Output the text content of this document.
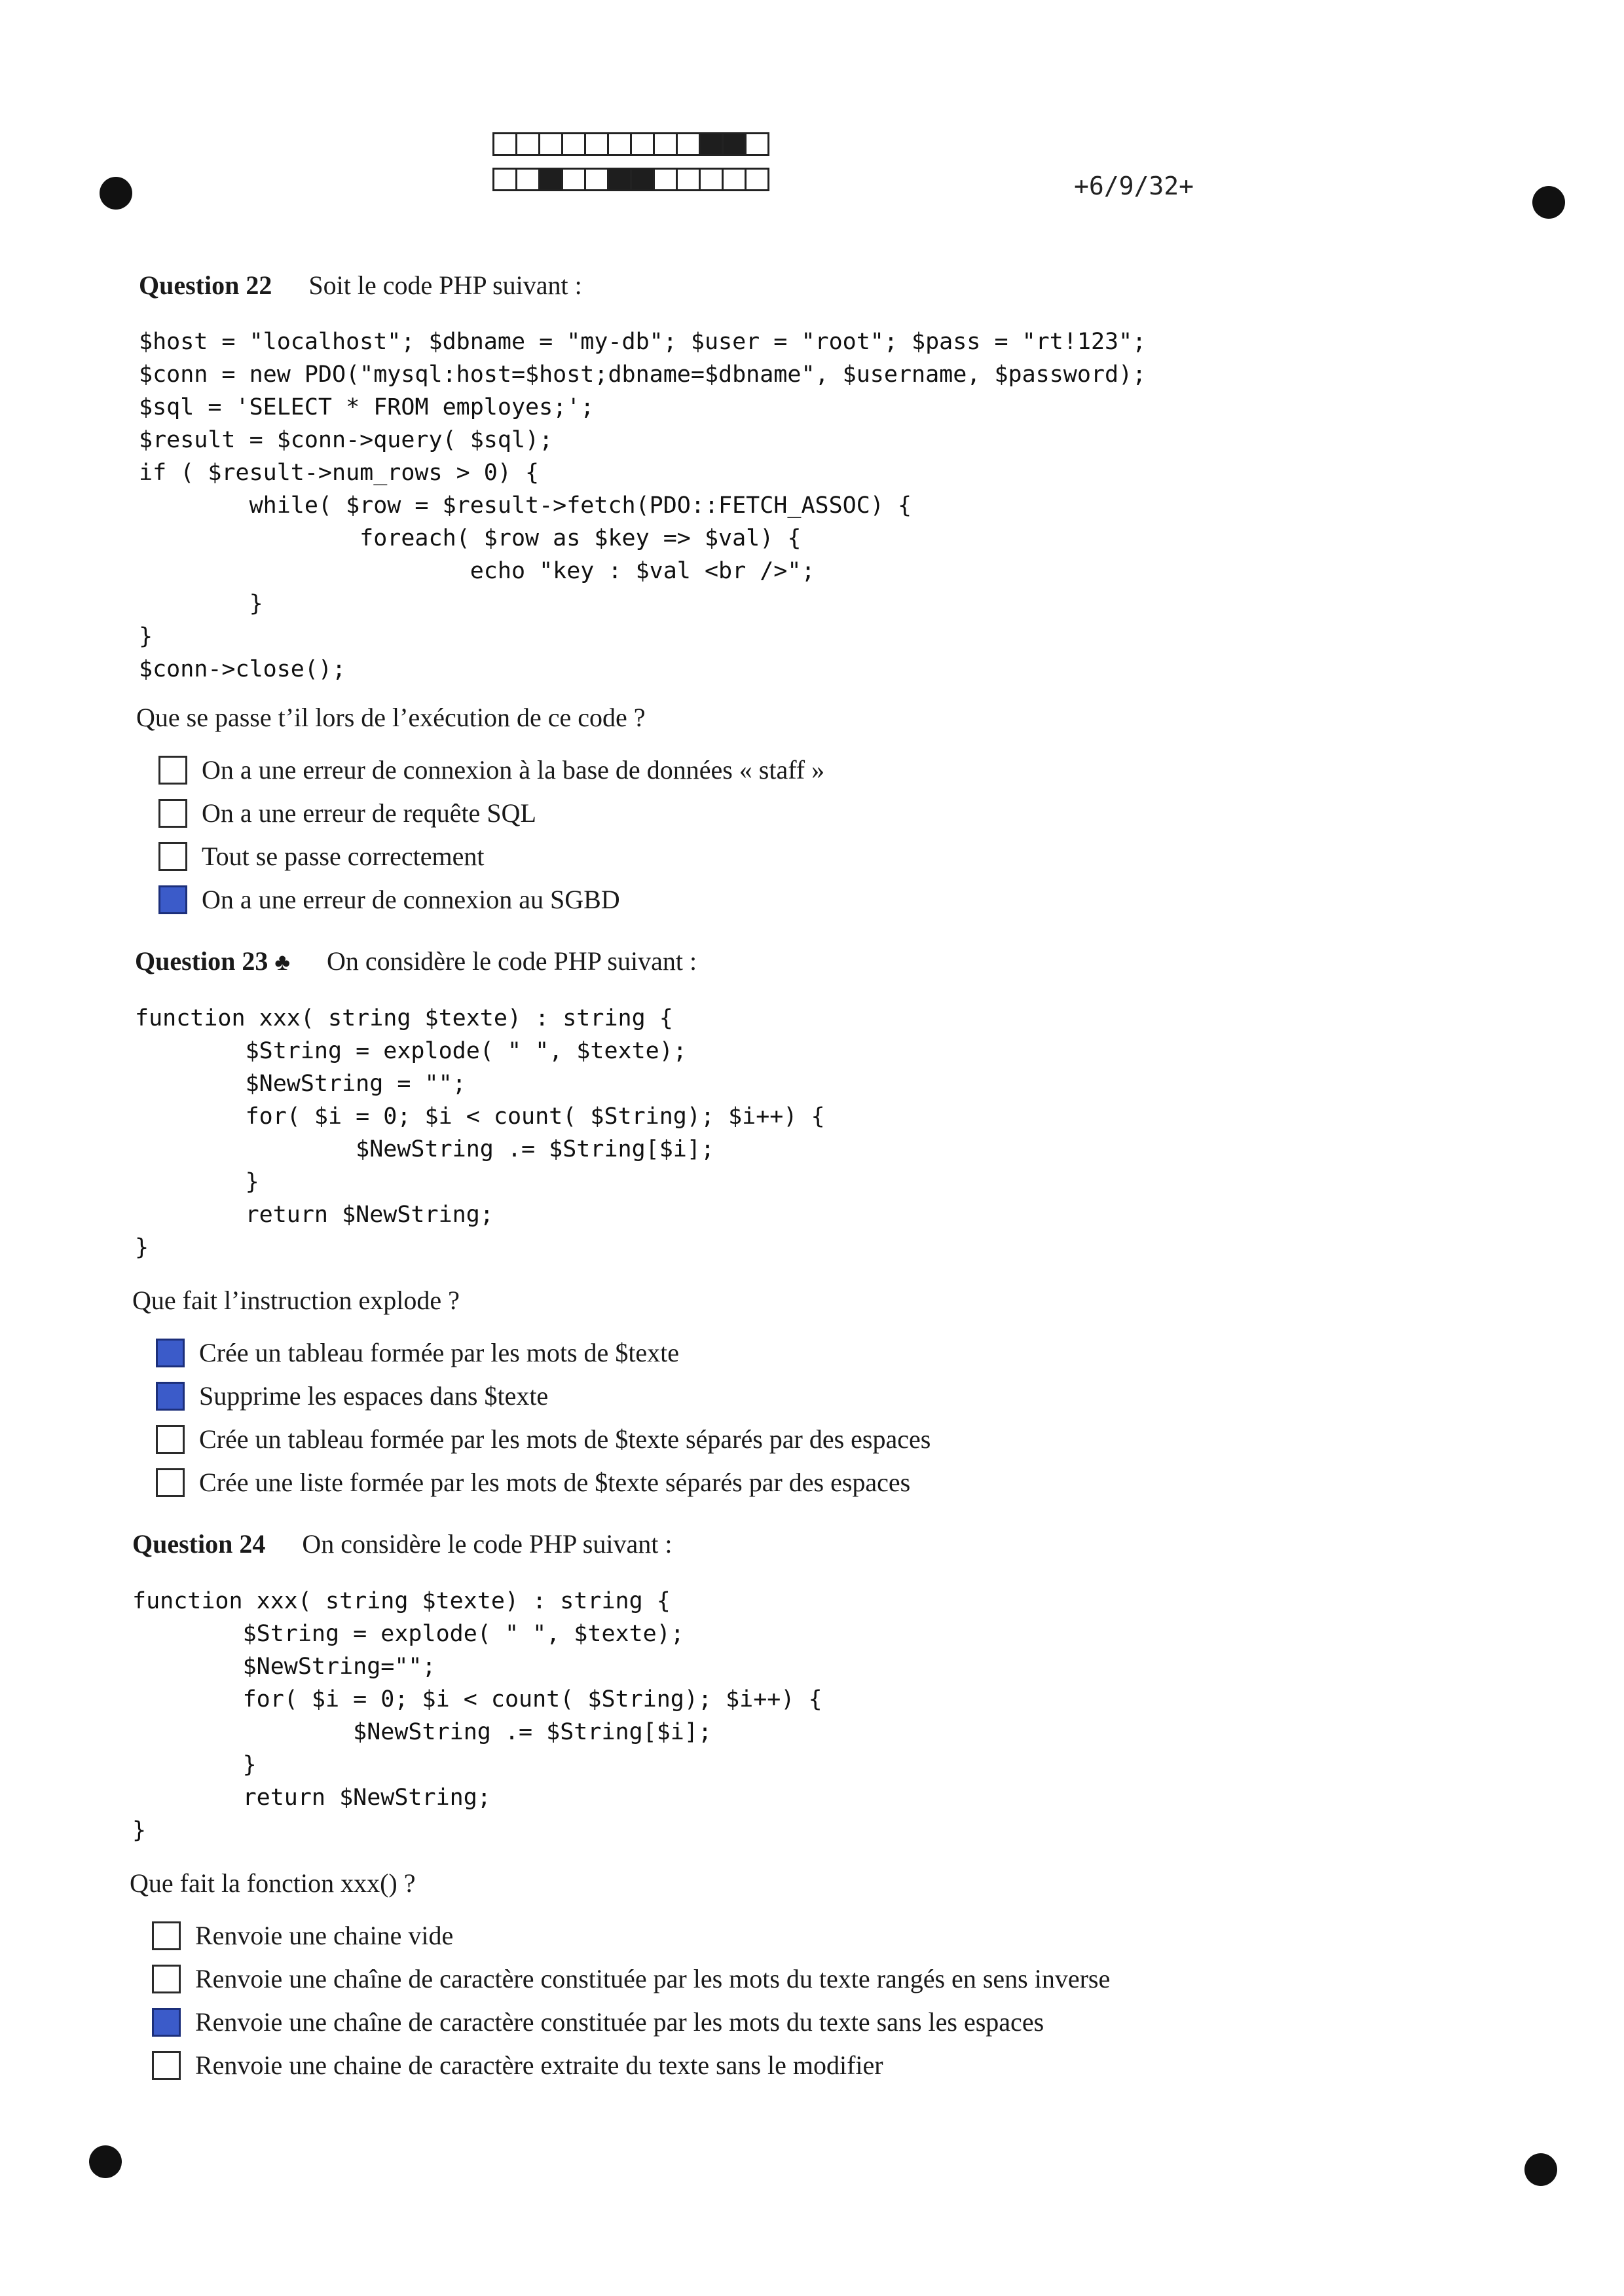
+6/9/32+
Question 22 Soit le code PHP suivant :
$host = "localhost"; $dbname = "my-db"; $user = "root"; $pass = "rt!123";
$conn = new PDO("mysql:host=$host;dbname=$dbname", $username, $password);
$sql = 'SELECT * FROM employes;';
$result = $conn->query( $sql);
if ( $result->num_rows > 0) {
while( $row = $result->fetch(PDO::FETCH_ASSOC) {
foreach( $row as $key => $val) {
echo "key : $val <br />";
}
}
$conn->close();
Que se passe t’il lors de l’exécution de ce code ?
On a une erreur de connexion à la base de données « staff »
On a une erreur de requête SQL
Tout se passe correctement
On a une erreur de connexion au SGBD
Question 23 ♣ On considère le code PHP suivant :
function xxx( string $texte) : string {
$String = explode( " ", $texte);
$NewString = "";
for( $i = 0; $i < count( $String); $i++) {
$NewString .= $String[$i];
}
return $NewString;
}
Que fait l’instruction explode ?
Crée un tableau formée par les mots de $texte
Supprime les espaces dans $texte
Crée un tableau formée par les mots de $texte séparés par des espaces
Crée une liste formée par les mots de $texte séparés par des espaces
Question 24 On considère le code PHP suivant :
function xxx( string $texte) : string {
$String = explode( " ", $texte);
$NewString="";
for( $i = 0; $i < count( $String); $i++) {
$NewString .= $String[$i];
}
return $NewString;
}
Que fait la fonction xxx() ?
Renvoie une chaine vide
Renvoie une chaîne de caractère constituée par les mots du texte rangés en sens inverse
Renvoie une chaîne de caractère constituée par les mots du texte sans les espaces
Renvoie une chaine de caractère extraite du texte sans le modifier
